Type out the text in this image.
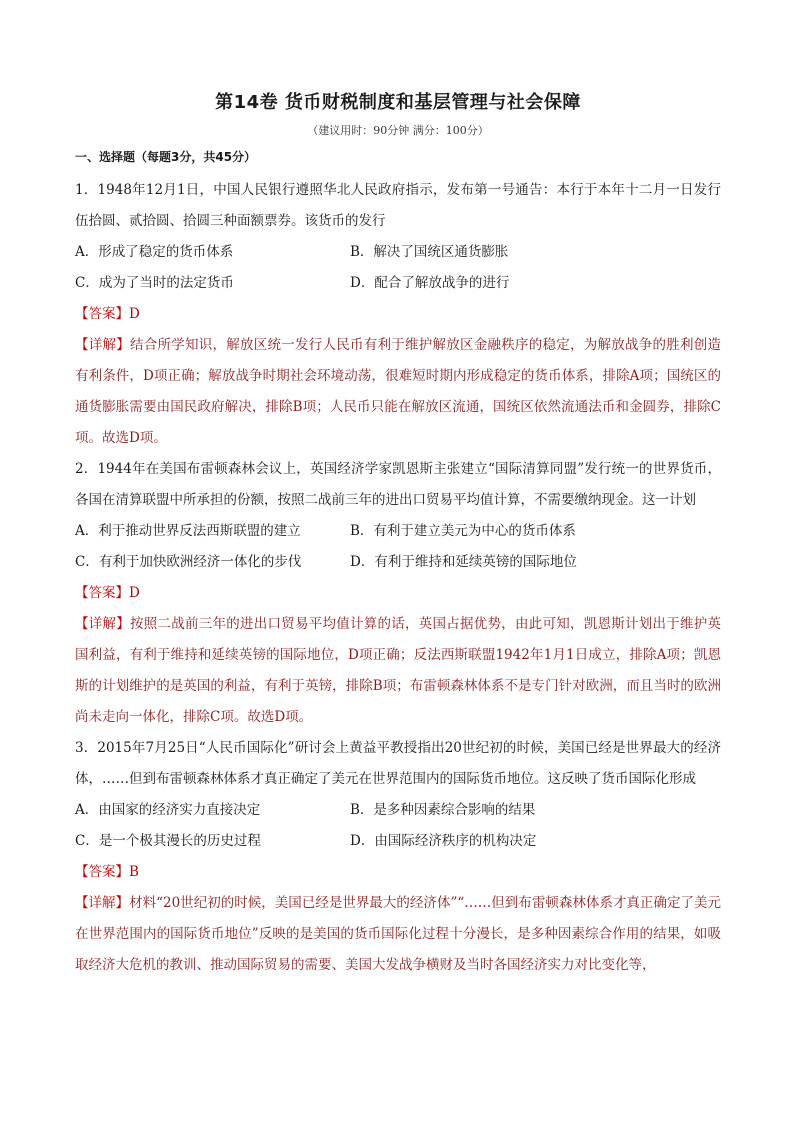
第14卷 货币财税制度和基层管理与社会保障
（建议用时：90分钟 满分：100分）
一、选择题（每题3分，共45分）

1．1948年12月1日，中国人民银行遵照华北人民政府指示，发布第一号通告：本行于本年十二月一日发行伍拾圆、贰拾圆、拾圆三种面额票券。该货币的发行

A．形成了稳定的货币体系	B．解决了国统区通货膨胀
C．成为了当时的法定货币	D．配合了解放战争的进行
【答案】D

【详解】结合所学知识，解放区统一发行人民币有利于维护解放区金融秩序的稳定，为解放战争的胜利创造有利条件，D项正确；解放战争时期社会环境动荡，很难短时期内形成稳定的货币体系，排除A项；国统区的通货膨胀需要由国民政府解决，排除B项；人民币只能在解放区流通，国统区依然流通法币和金圆券，排除C项。故选D项。

2．1944年在美国布雷顿森林会议上，英国经济学家凯恩斯主张建立“国际清算同盟”发行统一的世界货币，各国在清算联盟中所承担的份额，按照二战前三年的进出口贸易平均值计算，不需要缴纳现金。这一计划

A．利于推动世界反法西斯联盟的建立	B．有利于建立美元为中心的货币体系
C．有利于加快欧洲经济一体化的步伐	D．有利于维持和延续英镑的国际地位
【答案】D

【详解】按照二战前三年的进出口贸易平均值计算的话，英国占据优势，由此可知，凯恩斯计划出于维护英国利益，有利于维持和延续英镑的国际地位，D项正确；反法西斯联盟1942年1月1日成立，排除A项；凯恩斯的计划维护的是英国的利益，有利于英镑，排除B项；布雷顿森林体系不是专门针对欧洲，而且当时的欧洲尚未走向一体化，排除C项。故选D项。

3．2015年7月25日“人民币国际化”研讨会上黄益平教授指出20世纪初的时候，美国已经是世界最大的经济体，……但到布雷顿森林体系才真正确定了美元在世界范围内的国际货币地位。这反映了货币国际化形成

A．由国家的经济实力直接决定	B．是多种因素综合影响的结果
C．是一个极其漫长的历史过程	D．由国际经济秩序的机构决定
【答案】B

【详解】材料“20世纪初的时候，美国已经是世界最大的经济体”“……但到布雷顿森林体系才真正确定了美元在世界范围内的国际货币地位”反映的是美国的货币国际化过程十分漫长，是多种因素综合作用的结果，如吸取经济大危机的教训、推动国际贸易的需要、美国大发战争横财及当时各国经济实力对比变化等，
